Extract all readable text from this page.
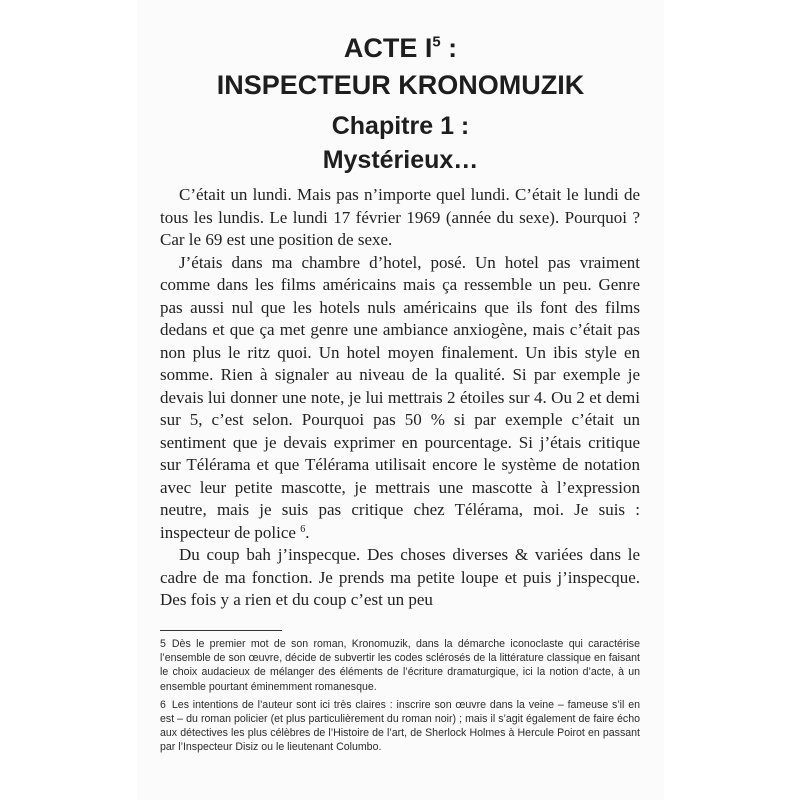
ACTE $I^5$ :
INSPECTEUR KRONOMUZIK
Chapitre 1 :
Mystérieux…

C’était un lundi. Mais pas n’importe quel lundi. C’était le lundi de tous les lundis. Le lundi 17 février 1969 (année du sexe). Pourquoi ? Car le 69 est une position de sexe.

J’étais dans ma chambre d’hotel, posé. Un hotel pas vraiment comme dans les films américains mais ça ressemble un peu. Genre pas aussi nul que les hotels nuls américains que ils font des films dedans et que ça met genre une ambiance anxiogène, mais c’était pas non plus le ritz quoi. Un hotel moyen finalement. Un ibis style en somme. Rien à signaler au niveau de la qualité. Si par exemple je devais lui donner une note, je lui mettrais 2 étoiles sur 4. Ou 2 et demi sur 5, c’est selon. Pourquoi pas 50 % si par exemple c’était un sentiment que je devais exprimer en pourcentage. Si j’étais critique sur Télérama et que Télérama utilisait encore le système de notation avec leur petite mascotte, je mettrais une mascotte à l’expression neutre, mais je suis pas critique chez Télérama, moi. Je suis : inspecteur de police $^6$.

Du coup bah j’inspecque. Des choses diverses & variées dans le cadre de ma fonction. Je prends ma petite loupe et puis j’inspecque. Des fois y a rien et du coup c’est un peu

5 Dès le premier mot de son roman, Kronomuzik, dans la démarche iconoclaste qui caractérise l’ensemble de son œuvre, décide de subvertir les codes sclérosés de la littérature classique en faisant le choix audacieux de mélanger des éléments de l’écriture dramaturgique, ici la notion d’acte, à un ensemble pourtant éminemment romanesque.

6 Les intentions de l’auteur sont ici très claires : inscrire son œuvre dans la veine – fameuse s’il en est – du roman policier (et plus particulièrement du roman noir) ; mais il s’agit également de faire écho aux détectives les plus célèbres de l’Histoire de l’art, de Sherlock Holmes à Hercule Poirot en passant par l’Inspecteur Disiz ou le lieutenant Columbo.
